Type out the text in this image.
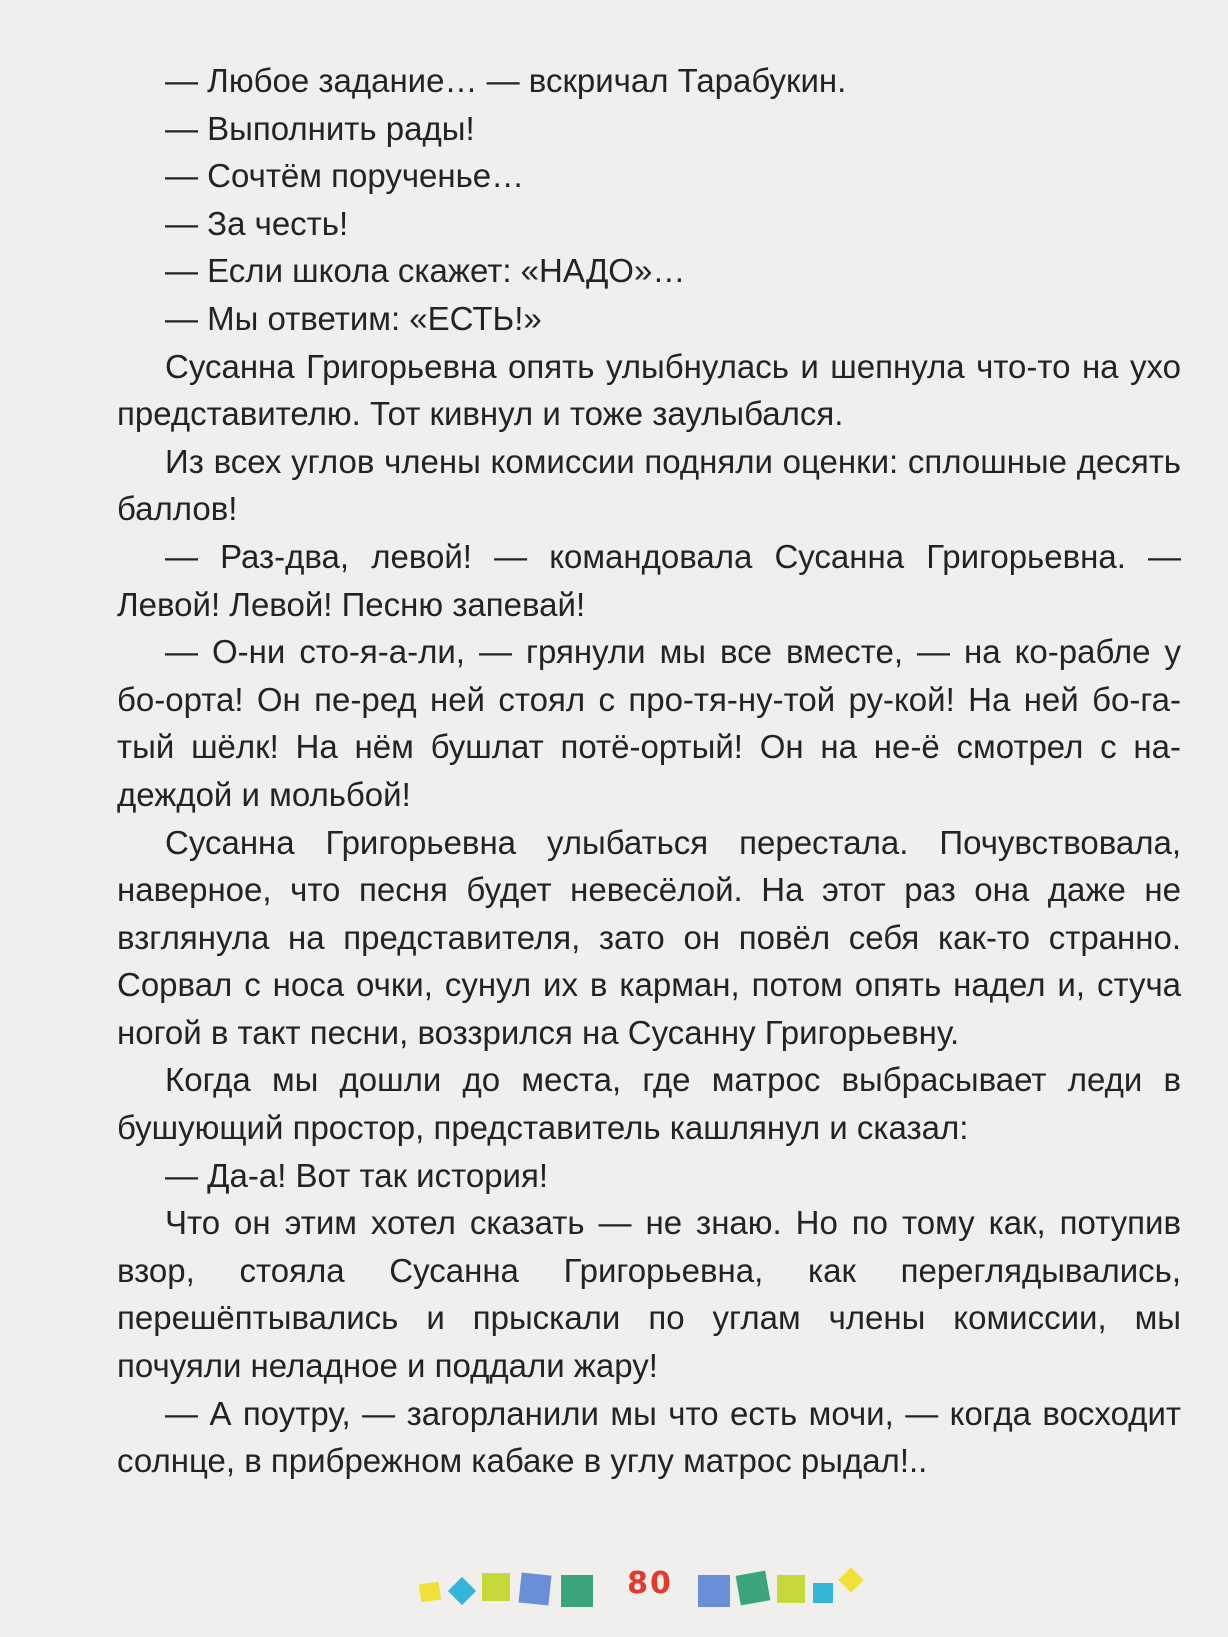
— Любое задание… — вскричал Тарабукин.

— Выполнить рады!

— Сочтём порученье…

— За честь!

— Если школа скажет: «НАДО»…

— Мы ответим: «ЕСТЬ!»

Сусанна Григорьевна опять улыбнулась и шепнула что-то на ухо представителю. Тот кивнул и тоже заулыбался.

Из всех углов члены комиссии подняли оценки: сплошные десять баллов!

— Раз-два, левой! — командовала Сусанна Григорьевна. — Левой! Левой! Песню запевай!

— О-ни сто-я-а-ли, — грянули мы все вместе, — на ко-рабле у бо-орта! Он пе-ред ней стоял с про-тя-ну-той ру-кой! На ней бо-га-тый шёлк! На нём бушлат потё-ортый! Он на не-ё смотрел с на-деждой и мольбой!

Сусанна Григорьевна улыбаться перестала. Почувствовала, наверное, что песня будет невесёлой. На этот раз она даже не взглянула на представителя, зато он повёл себя как-то странно. Сорвал с носа очки, сунул их в карман, потом опять надел и, стуча ногой в такт песни, воззрился на Сусанну Григорьевну.

Когда мы дошли до места, где матрос выбрасывает леди в бушующий простор, представитель кашлянул и сказал:

— Да-а! Вот так история!

Что он этим хотел сказать — не знаю. Но по тому как, потупив взор, стояла Сусанна Григорьевна, как переглядывались, перешёптывались и прыскали по углам члены комиссии, мы почуяли неладное и поддали жару!

— А поутру, — загорланили мы что есть мочи, — когда восходит солнце, в прибрежном кабаке в углу матрос рыдал!..

80
